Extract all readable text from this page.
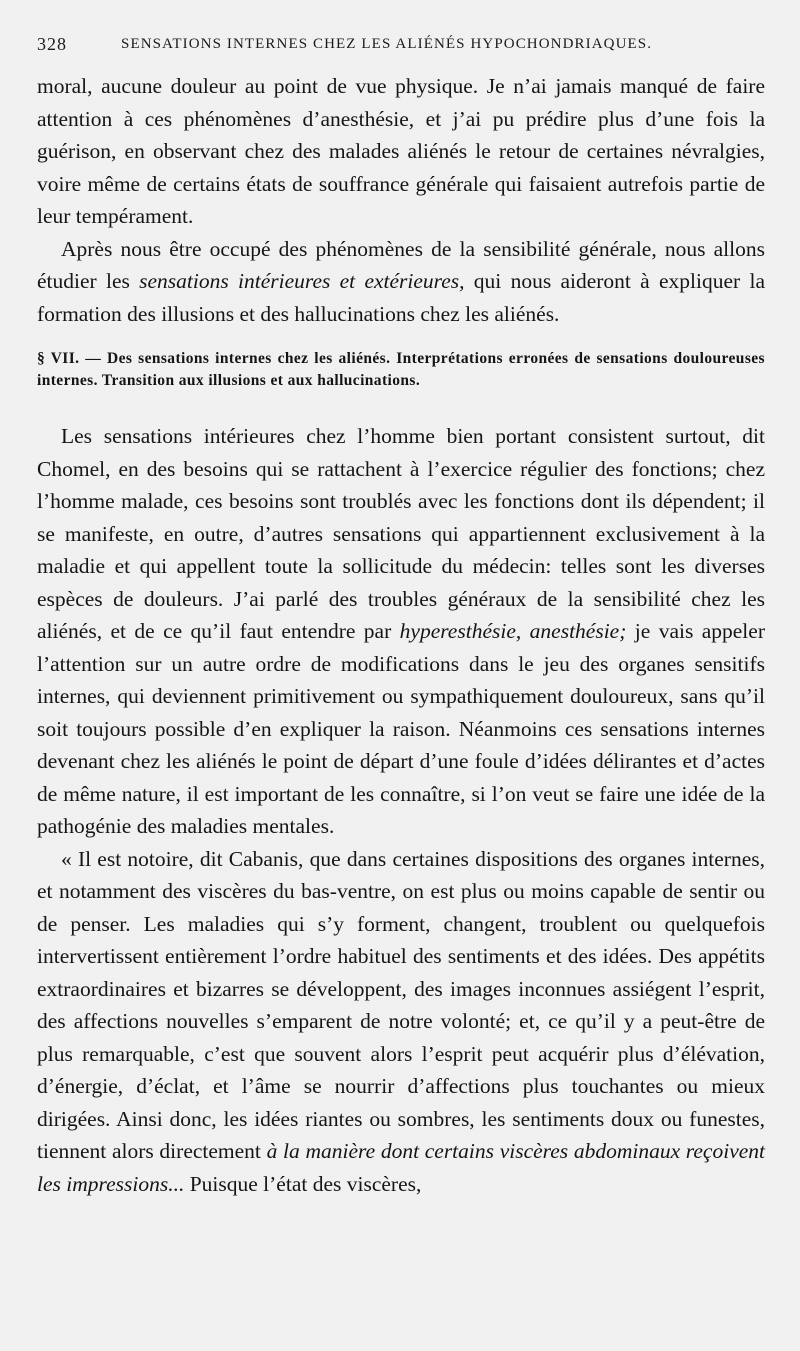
328	SENSATIONS INTERNES CHEZ LES ALIÉNÉS HYPOCHONDRIAQUES.

moral, aucune douleur au point de vue physique. Je n’ai jamais manqué de faire attention à ces phénomènes d’anesthésie, et j’ai pu prédire plus d’une fois la guérison, en observant chez des malades aliénés le retour de certaines névralgies, voire même de certains états de souffrance générale qui faisaient autrefois partie de leur tempérament.

Après nous être occupé des phénomènes de la sensibilité générale, nous allons étudier les sensations intérieures et extérieures, qui nous aideront à expliquer la formation des illusions et des hallucinations chez les aliénés.

§ VII. — Des sensations internes chez les aliénés. Interprétations erronées de sensations douloureuses internes. Transition aux illusions et aux hallucinations.

Les sensations intérieures chez l’homme bien portant consistent surtout, dit Chomel, en des besoins qui se rattachent à l’exercice régulier des fonctions; chez l’homme malade, ces besoins sont troublés avec les fonctions dont ils dépendent; il se manifeste, en outre, d’autres sensations qui appartiennent exclusivement à la maladie et qui appellent toute la sollicitude du médecin: telles sont les diverses espèces de douleurs. J’ai parlé des troubles généraux de la sensibilité chez les aliénés, et de ce qu’il faut entendre par hyperesthésie, anesthésie; je vais appeler l’attention sur un autre ordre de modifications dans le jeu des organes sensitifs internes, qui deviennent primitivement ou sympathiquement douloureux, sans qu’il soit toujours possible d’en expliquer la raison. Néanmoins ces sensations internes devenant chez les aliénés le point de départ d’une foule d’idées délirantes et d’actes de même nature, il est important de les connaître, si l’on veut se faire une idée de la pathogénie des maladies mentales.

« Il est notoire, dit Cabanis, que dans certaines dispositions des organes internes, et notamment des viscères du bas-ventre, on est plus ou moins capable de sentir ou de penser. Les maladies qui s’y forment, changent, troublent ou quelquefois intervertissent entièrement l’ordre habituel des sentiments et des idées. Des appétits extraordinaires et bizarres se développent, des images inconnues assiégent l’esprit, des affections nouvelles s’emparent de notre volonté; et, ce qu’il y a peut-être de plus remarquable, c’est que souvent alors l’esprit peut acquérir plus d’élévation, d’énergie, d’éclat, et l’âme se nourrir d’affections plus touchantes ou mieux dirigées. Ainsi donc, les idées riantes ou sombres, les sentiments doux ou funestes, tiennent alors directement à la manière dont certains viscères abdominaux reçoivent les impressions... Puisque l’état des viscères,
